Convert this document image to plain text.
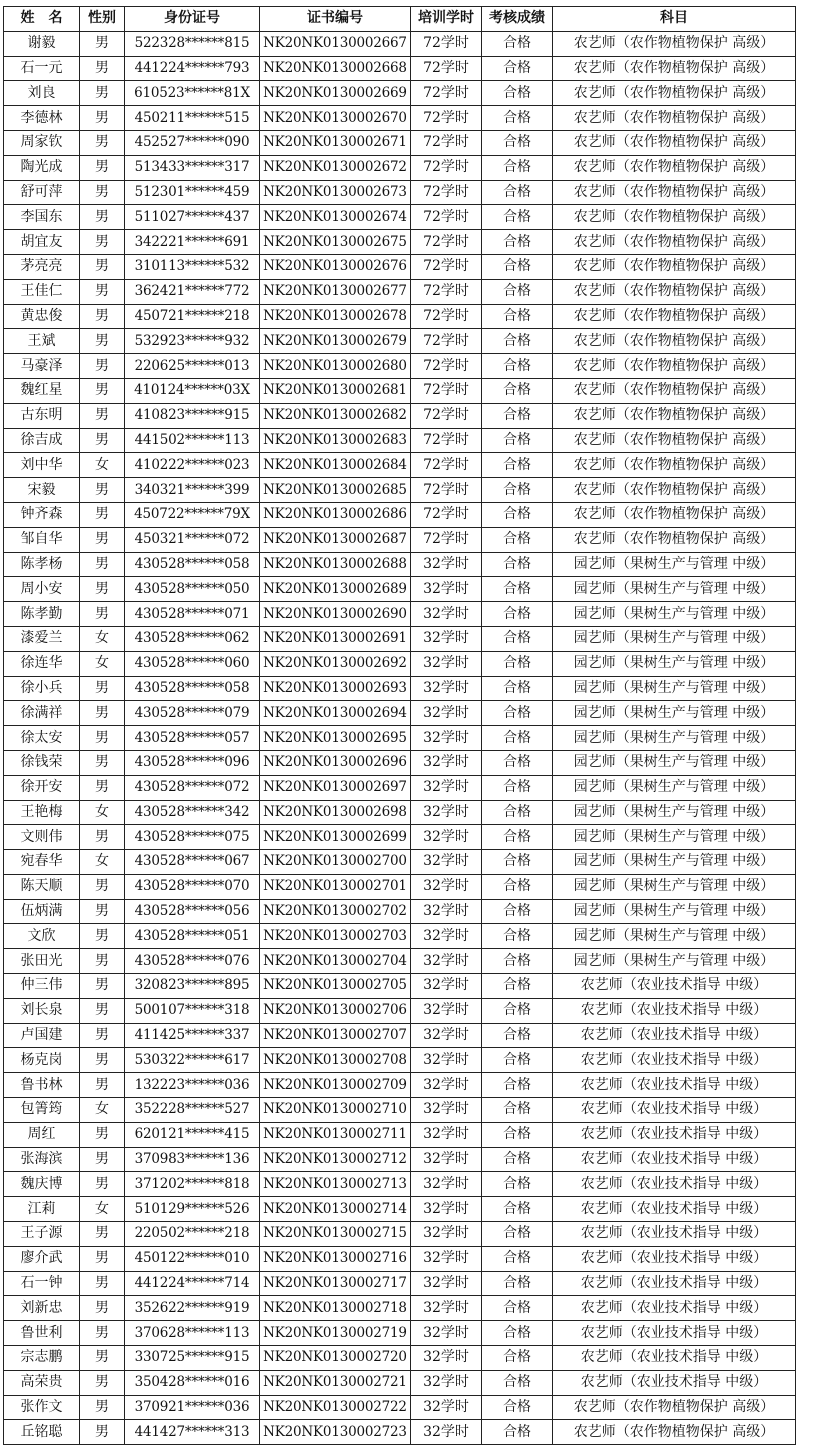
姓　名	性别	身份证号	证书编号	培训学时	考核成绩	科目
谢毅	男	522328******815	NK20NK0130002667	72学时	合格	农艺师（农作物植物保护 高级）
石一元	男	441224******793	NK20NK0130002668	72学时	合格	农艺师（农作物植物保护 高级）
刘良	男	610523******81X	NK20NK0130002669	72学时	合格	农艺师（农作物植物保护 高级）
李德林	男	450211******515	NK20NK0130002670	72学时	合格	农艺师（农作物植物保护 高级）
周家钦	男	452527******090	NK20NK0130002671	72学时	合格	农艺师（农作物植物保护 高级）
陶光成	男	513433******317	NK20NK0130002672	72学时	合格	农艺师（农作物植物保护 高级）
舒可萍	男	512301******459	NK20NK0130002673	72学时	合格	农艺师（农作物植物保护 高级）
李国东	男	511027******437	NK20NK0130002674	72学时	合格	农艺师（农作物植物保护 高级）
胡宜友	男	342221******691	NK20NK0130002675	72学时	合格	农艺师（农作物植物保护 高级）
茅亮亮	男	310113******532	NK20NK0130002676	72学时	合格	农艺师（农作物植物保护 高级）
王佳仁	男	362421******772	NK20NK0130002677	72学时	合格	农艺师（农作物植物保护 高级）
黄忠俊	男	450721******218	NK20NK0130002678	72学时	合格	农艺师（农作物植物保护 高级）
王斌	男	532923******932	NK20NK0130002679	72学时	合格	农艺师（农作物植物保护 高级）
马豪泽	男	220625******013	NK20NK0130002680	72学时	合格	农艺师（农作物植物保护 高级）
魏红星	男	410124******03X	NK20NK0130002681	72学时	合格	农艺师（农作物植物保护 高级）
古东明	男	410823******915	NK20NK0130002682	72学时	合格	农艺师（农作物植物保护 高级）
徐吉成	男	441502******113	NK20NK0130002683	72学时	合格	农艺师（农作物植物保护 高级）
刘中华	女	410222******023	NK20NK0130002684	72学时	合格	农艺师（农作物植物保护 高级）
宋毅	男	340321******399	NK20NK0130002685	72学时	合格	农艺师（农作物植物保护 高级）
钟齐森	男	450722******79X	NK20NK0130002686	72学时	合格	农艺师（农作物植物保护 高级）
邹自华	男	450321******072	NK20NK0130002687	72学时	合格	农艺师（农作物植物保护 高级）
陈孝杨	男	430528******058	NK20NK0130002688	32学时	合格	园艺师（果树生产与管理 中级）
周小安	男	430528******050	NK20NK0130002689	32学时	合格	园艺师（果树生产与管理 中级）
陈孝勤	男	430528******071	NK20NK0130002690	32学时	合格	园艺师（果树生产与管理 中级）
漆爱兰	女	430528******062	NK20NK0130002691	32学时	合格	园艺师（果树生产与管理 中级）
徐连华	女	430528******060	NK20NK0130002692	32学时	合格	园艺师（果树生产与管理 中级）
徐小兵	男	430528******058	NK20NK0130002693	32学时	合格	园艺师（果树生产与管理 中级）
徐满祥	男	430528******079	NK20NK0130002694	32学时	合格	园艺师（果树生产与管理 中级）
徐太安	男	430528******057	NK20NK0130002695	32学时	合格	园艺师（果树生产与管理 中级）
徐钱荣	男	430528******096	NK20NK0130002696	32学时	合格	园艺师（果树生产与管理 中级）
徐开安	男	430528******072	NK20NK0130002697	32学时	合格	园艺师（果树生产与管理 中级）
王艳梅	女	430528******342	NK20NK0130002698	32学时	合格	园艺师（果树生产与管理 中级）
文则伟	男	430528******075	NK20NK0130002699	32学时	合格	园艺师（果树生产与管理 中级）
宛春华	女	430528******067	NK20NK0130002700	32学时	合格	园艺师（果树生产与管理 中级）
陈天顺	男	430528******070	NK20NK0130002701	32学时	合格	园艺师（果树生产与管理 中级）
伍炳满	男	430528******056	NK20NK0130002702	32学时	合格	园艺师（果树生产与管理 中级）
文欣	男	430528******051	NK20NK0130002703	32学时	合格	园艺师（果树生产与管理 中级）
张田光	男	430528******076	NK20NK0130002704	32学时	合格	园艺师（果树生产与管理 中级）
仲三伟	男	320823******895	NK20NK0130002705	32学时	合格	农艺师（农业技术指导 中级）
刘长泉	男	500107******318	NK20NK0130002706	32学时	合格	农艺师（农业技术指导 中级）
卢国建	男	411425******337	NK20NK0130002707	32学时	合格	农艺师（农业技术指导 中级）
杨克岗	男	530322******617	NK20NK0130002708	32学时	合格	农艺师（农业技术指导 中级）
鲁书林	男	132223******036	NK20NK0130002709	32学时	合格	农艺师（农业技术指导 中级）
包箐筠	女	352228******527	NK20NK0130002710	32学时	合格	农艺师（农业技术指导 中级）
周红	男	620121******415	NK20NK0130002711	32学时	合格	农艺师（农业技术指导 中级）
张海滨	男	370983******136	NK20NK0130002712	32学时	合格	农艺师（农业技术指导 中级）
魏庆博	男	371202******818	NK20NK0130002713	32学时	合格	农艺师（农业技术指导 中级）
江莉	女	510129******526	NK20NK0130002714	32学时	合格	农艺师（农业技术指导 中级）
王子源	男	220502******218	NK20NK0130002715	32学时	合格	农艺师（农业技术指导 中级）
廖介武	男	450122******010	NK20NK0130002716	32学时	合格	农艺师（农业技术指导 中级）
石一钟	男	441224******714	NK20NK0130002717	32学时	合格	农艺师（农业技术指导 中级）
刘新忠	男	352622******919	NK20NK0130002718	32学时	合格	农艺师（农业技术指导 中级）
鲁世利	男	370628******113	NK20NK0130002719	32学时	合格	农艺师（农业技术指导 中级）
宗志鹏	男	330725******915	NK20NK0130002720	32学时	合格	农艺师（农业技术指导 中级）
高荣贵	男	350428******016	NK20NK0130002721	32学时	合格	农艺师（农业技术指导 中级）
张作文	男	370921******036	NK20NK0130002722	32学时	合格	农艺师（农作物植物保护 高级）
丘铭聪	男	441427******313	NK20NK0130002723	32学时	合格	农艺师（农作物植物保护 高级）
